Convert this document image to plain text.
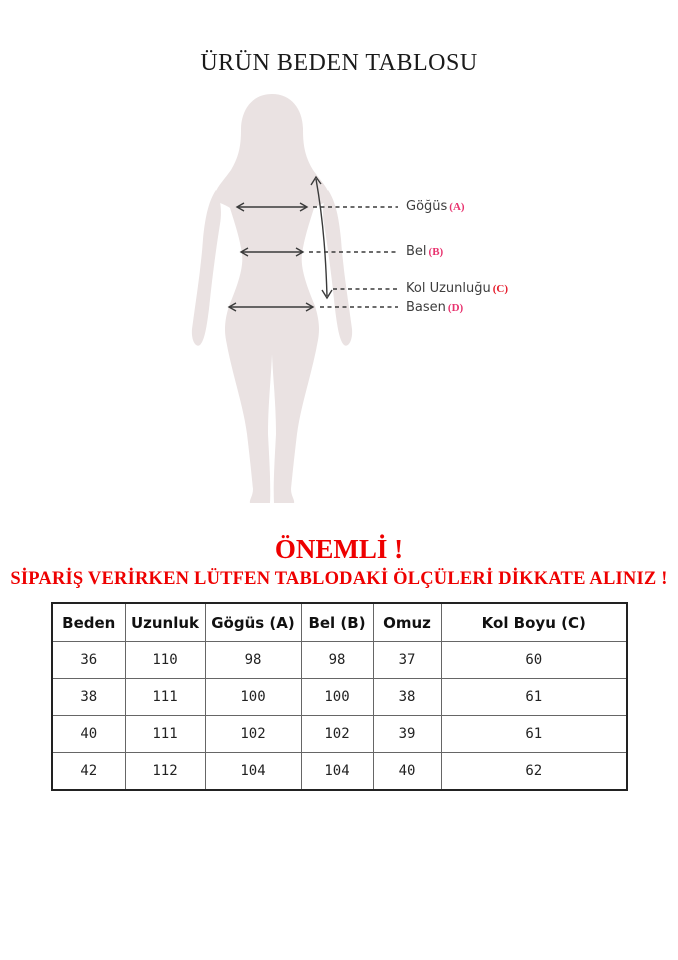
ÜRÜN BEDEN TABLOSU
Göğüs (A)
Bel (B)
Kol Uzunluğu (C)
Basen (D)
ÖNEMLİ !
SİPARİŞ VERİRKEN LÜTFEN TABLODAKİ ÖLÇÜLERİ DİKKATE ALINIZ !
Beden	Uzunluk	Gögüs (A)	Bel (B)	Omuz	Kol Boyu (C)
36	110	98	98	37	60
38	111	100	100	38	61
40	111	102	102	39	61
42	112	104	104	40	62
